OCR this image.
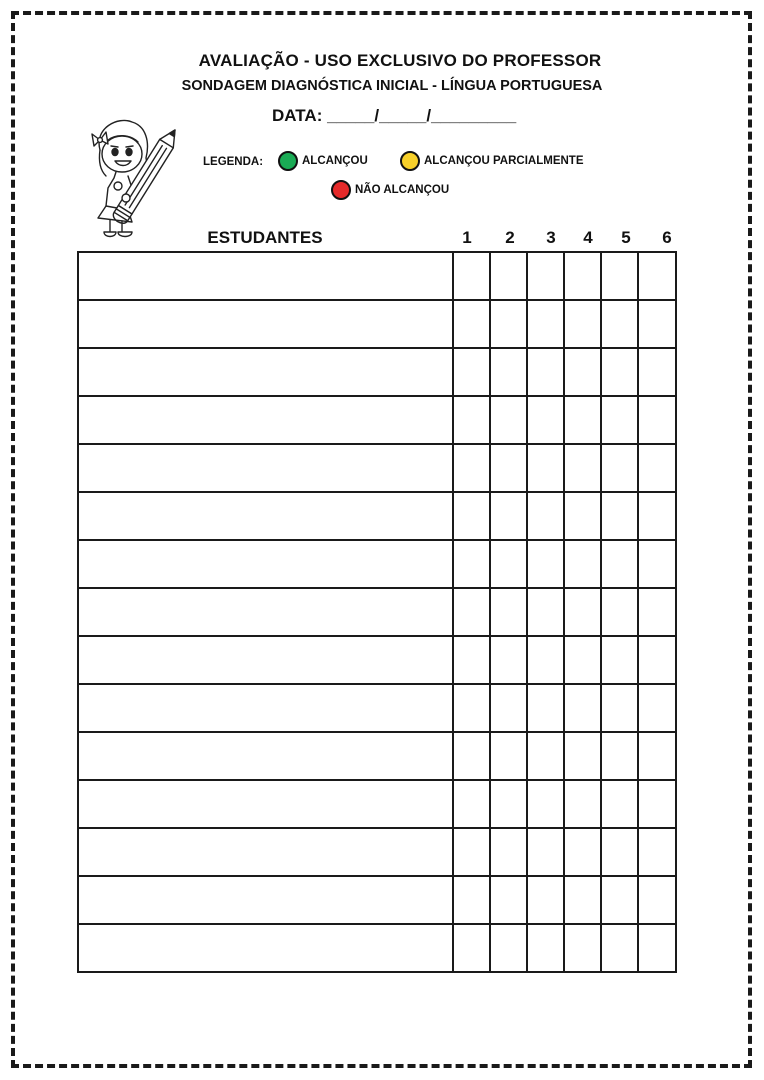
AVALIAÇÃO - USO EXCLUSIVO DO PROFESSOR
SONDAGEM DIAGNÓSTICA INICIAL - LÍNGUA PORTUGUESA
DATA: _____/_____/_________
LEGENDA:	ALCANÇOU	ALCANÇOU PARCIALMENTE
NÃO ALCANÇOU
ESTUDANTES	1	2	3	4	5	6
